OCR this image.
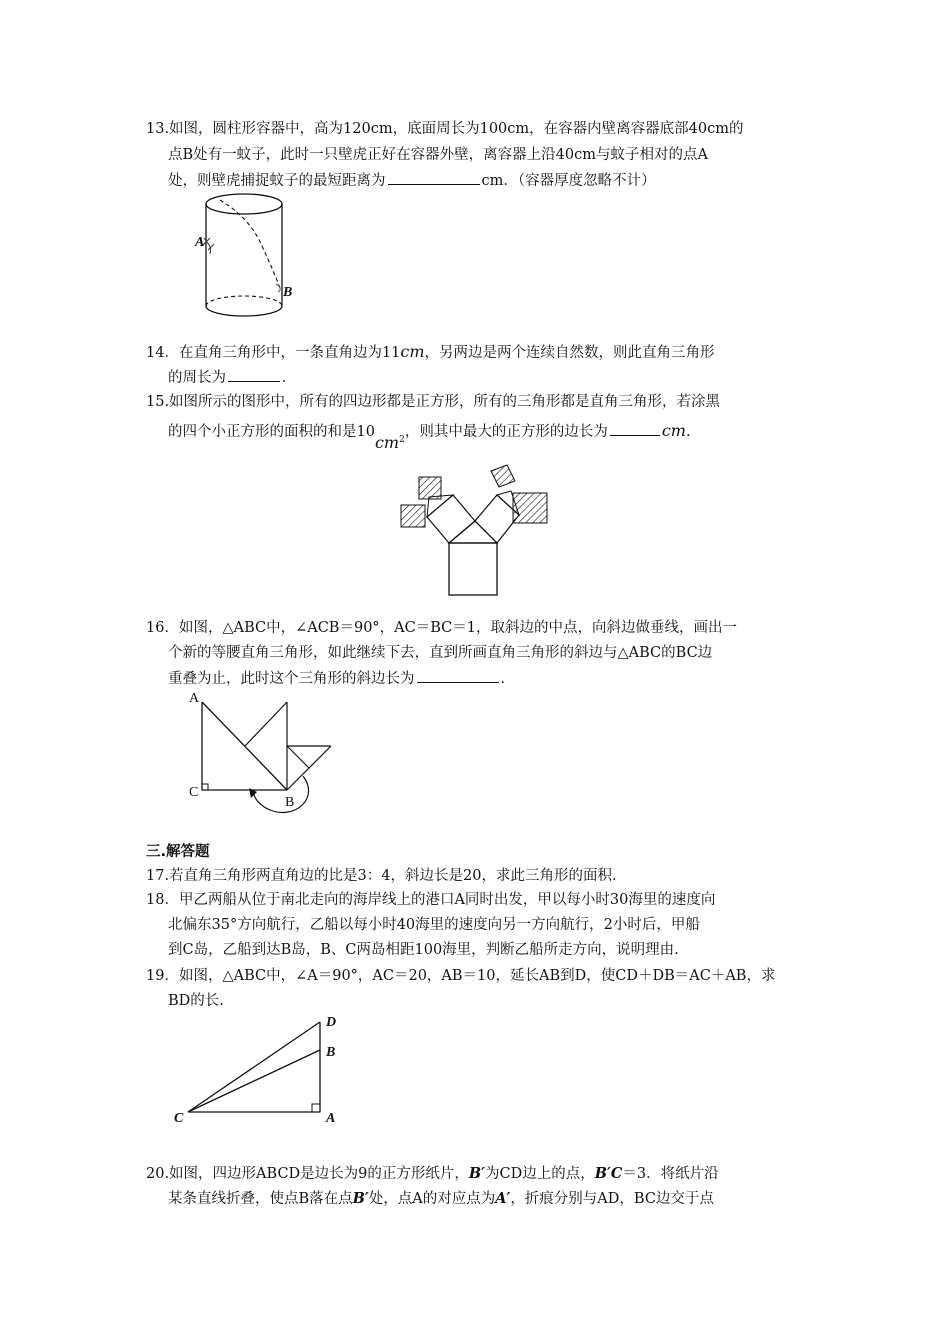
13.如图，圆柱形容器中，高为120cm，底面周长为100cm，在容器内壁离容器底部40cm的
点B处有一蚊子，此时一只壁虎正好在容器外壁，离容器上沿40cm与蚊子相对的点A
处，则壁虎捕捉蚊子的最短距离为	cm．（容器厚度忽略不计）
A
B
14．在直角三角形中，一条直角边为11cm，另两边是两个连续自然数，则此直角三角形
的周长为	．
15.如图所示的图形中，所有的四边形都是正方形，所有的三角形都是直角三角形，若涂黑
的四个小正方形的面积的和是$10cm^2$，则其中最大的正方形的边长为	cm.
16．如图，△ABC中，∠ACB＝90°，AC＝BC＝1，取斜边的中点，向斜边做垂线，画出一
个新的等腰直角三角形，如此继续下去，直到所画直角三角形的斜边与△ABC的BC边
重叠为止，此时这个三角形的斜边长为	．
A
C
B
三.解答题
17.若直角三角形两直角边的比是3：4，斜边长是20，求此三角形的面积.
18．甲乙两船从位于南北走向的海岸线上的港口A同时出发，甲以每小时30海里的速度向
北偏东35°方向航行，乙船以每小时40海里的速度向另一方向航行，2小时后，甲船
到C岛，乙船到达B岛，B、C两岛相距100海里，判断乙船所走方向，说明理由.
19．如图，△ABC中，∠A＝90°，AC＝20，AB＝10，延长AB到D，使CD＋DB＝AC＋AB，求
BD的长.
D
B
C	A
20.如图，四边形ABCD是边长为9的正方形纸片，B′为CD边上的点，B′C＝3．将纸片沿
某条直线折叠，使点B落在点B′处，点A的对应点为A′，折痕分别与AD，BC边交于点
